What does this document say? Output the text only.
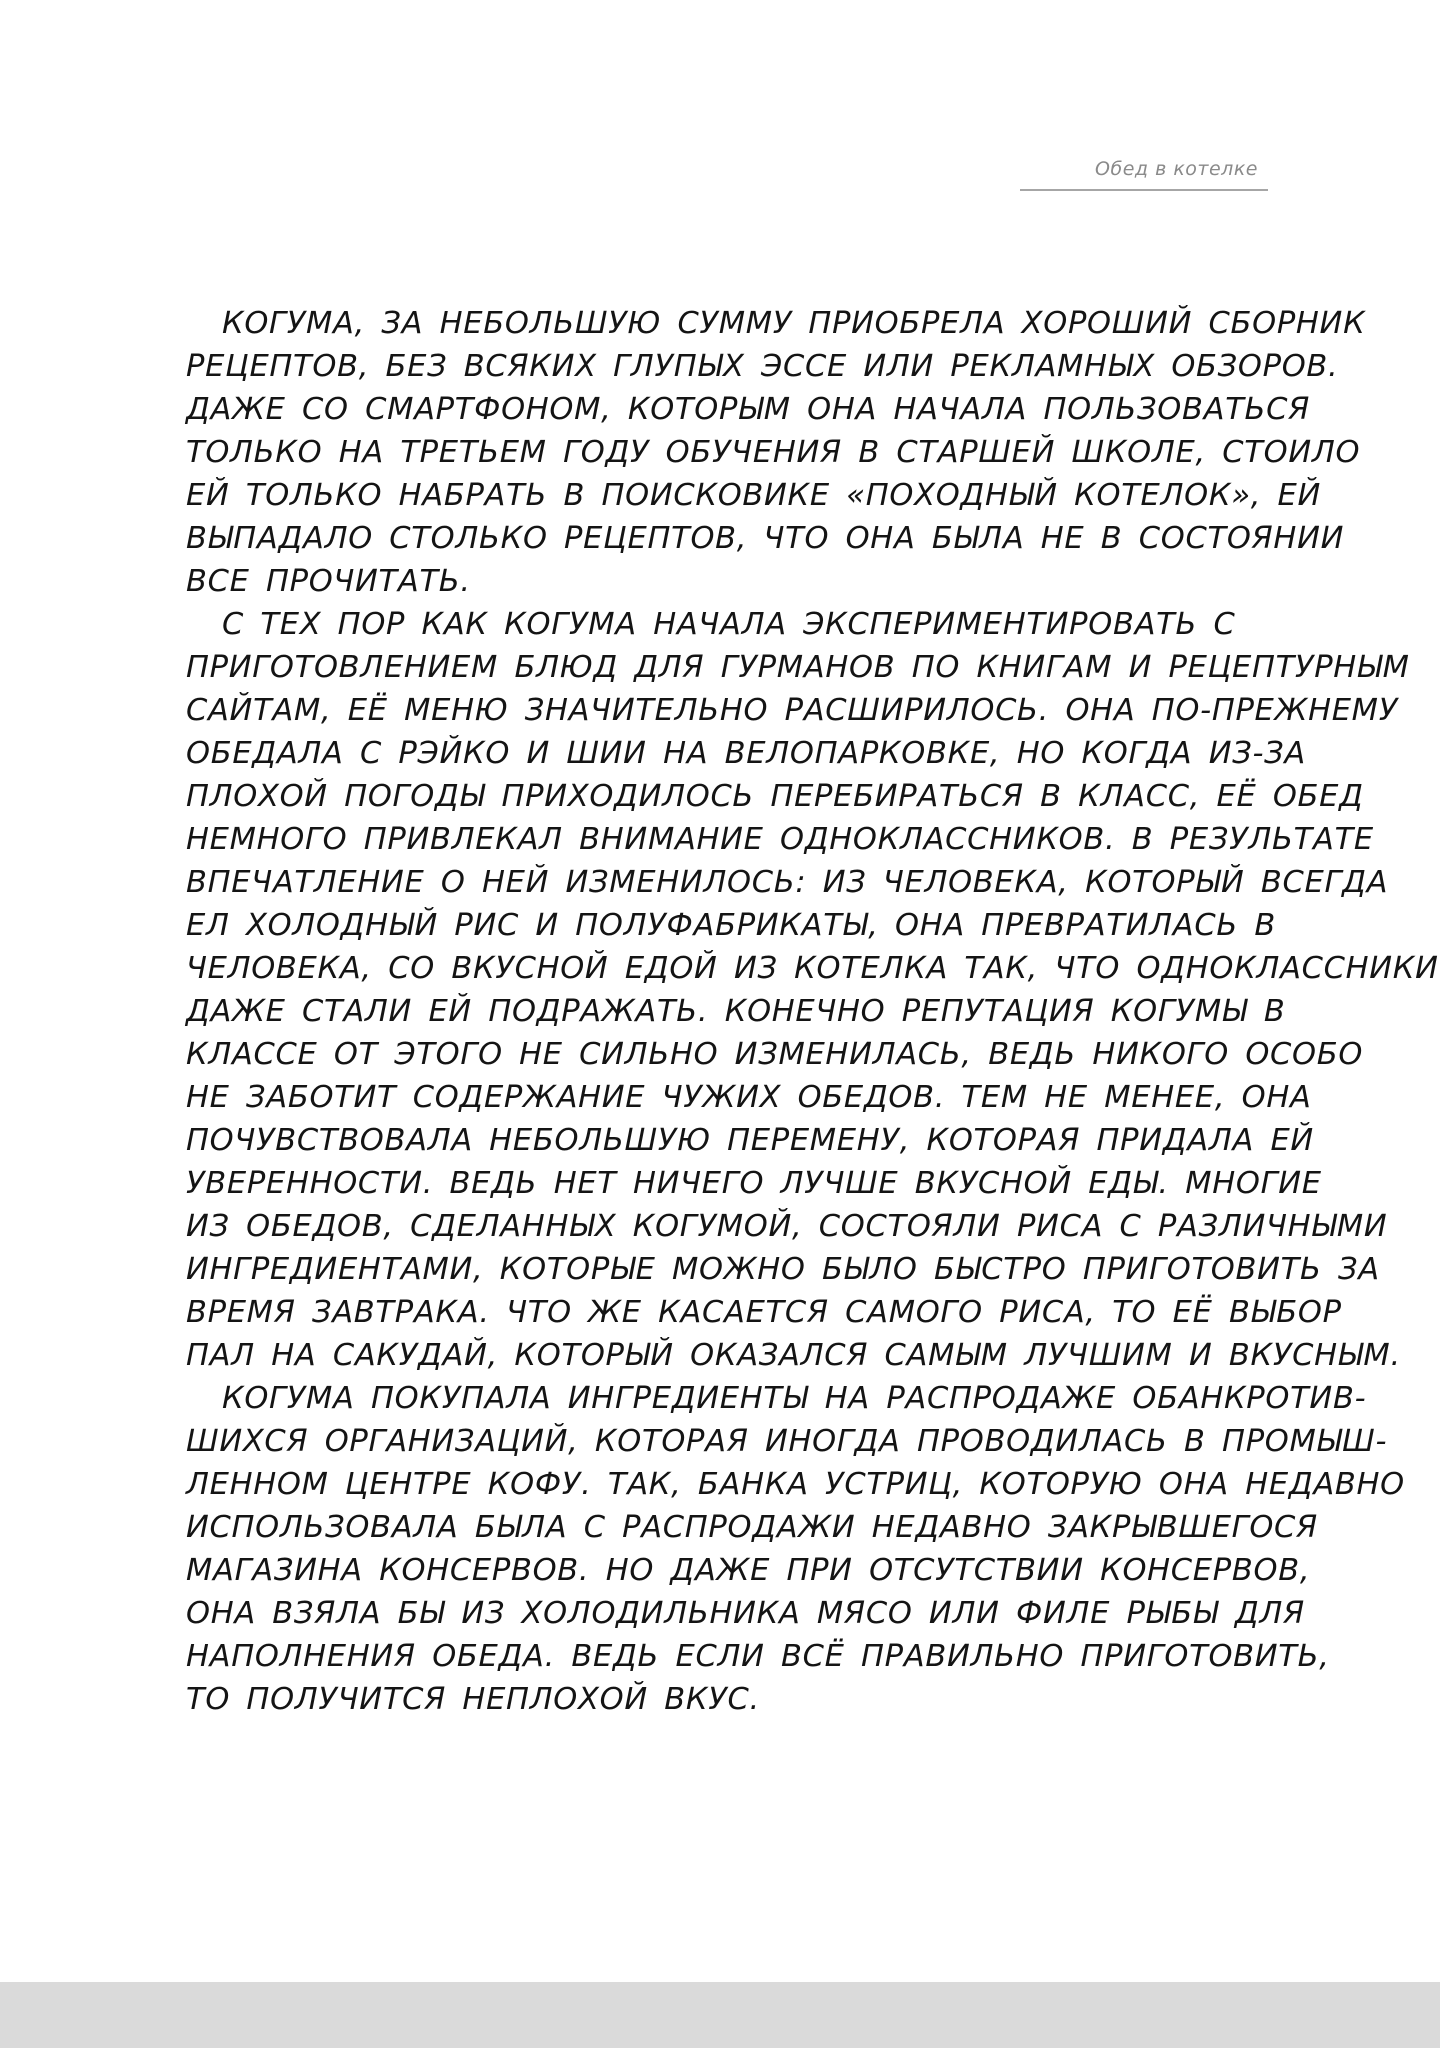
Обед в котелке
КОГУМА, ЗА НЕБОЛЬШУЮ СУММУ ПРИОБРЕЛА ХОРОШИЙ СБОРНИК
РЕЦЕПТОВ, БЕЗ ВСЯКИХ ГЛУПЫХ ЭССЕ ИЛИ РЕКЛАМНЫХ ОБЗОРОВ.
ДАЖЕ СО СМАРТФОНОМ, КОТОРЫМ ОНА НАЧАЛА ПОЛЬЗОВАТЬСЯ
ТОЛЬКО НА ТРЕТЬЕМ ГОДУ ОБУЧЕНИЯ В СТАРШЕЙ ШКОЛЕ, СТОИЛО
ЕЙ ТОЛЬКО НАБРАТЬ В ПОИСКОВИКЕ «ПОХОДНЫЙ КОТЕЛОК», ЕЙ
ВЫПАДАЛО СТОЛЬКО РЕЦЕПТОВ, ЧТО ОНА БЫЛА НЕ В СОСТОЯНИИ
ВСЕ ПРОЧИТАТЬ.
С ТЕХ ПОР КАК КОГУМА НАЧАЛА ЭКСПЕРИМЕНТИРОВАТЬ С
ПРИГОТОВЛЕНИЕМ БЛЮД ДЛЯ ГУРМАНОВ ПО КНИГАМ И РЕЦЕПТУРНЫМ
САЙТАМ, ЕЁ МЕНЮ ЗНАЧИТЕЛЬНО РАСШИРИЛОСЬ. ОНА ПО-ПРЕЖНЕМУ
ОБЕДАЛА С РЭЙКО И ШИИ НА ВЕЛОПАРКОВКЕ, НО КОГДА ИЗ-ЗА
ПЛОХОЙ ПОГОДЫ ПРИХОДИЛОСЬ ПЕРЕБИРАТЬСЯ В КЛАСС, ЕЁ ОБЕД
НЕМНОГО ПРИВЛЕКАЛ ВНИМАНИЕ ОДНОКЛАССНИКОВ. В РЕЗУЛЬТАТЕ
ВПЕЧАТЛЕНИЕ О НЕЙ ИЗМЕНИЛОСЬ: ИЗ ЧЕЛОВЕКА, КОТОРЫЙ ВСЕГДА
ЕЛ ХОЛОДНЫЙ РИС И ПОЛУФАБРИКАТЫ, ОНА ПРЕВРАТИЛАСЬ В
ЧЕЛОВЕКА, СО ВКУСНОЙ ЕДОЙ ИЗ КОТЕЛКА ТАК, ЧТО ОДНОКЛАССНИКИ
ДАЖЕ СТАЛИ ЕЙ ПОДРАЖАТЬ. КОНЕЧНО РЕПУТАЦИЯ КОГУМЫ В
КЛАССЕ ОТ ЭТОГО НЕ СИЛЬНО ИЗМЕНИЛАСЬ, ВЕДЬ НИКОГО ОСОБО
НЕ ЗАБОТИТ СОДЕРЖАНИЕ ЧУЖИХ ОБЕДОВ. ТЕМ НЕ МЕНЕЕ, ОНА
ПОЧУВСТВОВАЛА НЕБОЛЬШУЮ ПЕРЕМЕНУ, КОТОРАЯ ПРИДАЛА ЕЙ
УВЕРЕННОСТИ. ВЕДЬ НЕТ НИЧЕГО ЛУЧШЕ ВКУСНОЙ ЕДЫ. МНОГИЕ
ИЗ ОБЕДОВ, СДЕЛАННЫХ КОГУМОЙ, СОСТОЯЛИ РИСА С РАЗЛИЧНЫМИ
ИНГРЕДИЕНТАМИ, КОТОРЫЕ МОЖНО БЫЛО БЫСТРО ПРИГОТОВИТЬ ЗА
ВРЕМЯ ЗАВТРАКА. ЧТО ЖЕ КАСАЕТСЯ САМОГО РИСА, ТО ЕЁ ВЫБОР
ПАЛ НА САКУДАЙ, КОТОРЫЙ ОКАЗАЛСЯ САМЫМ ЛУЧШИМ И ВКУСНЫМ.
КОГУМА ПОКУПАЛА ИНГРЕДИЕНТЫ НА РАСПРОДАЖЕ ОБАНКРОТИВ-
ШИХСЯ ОРГАНИЗАЦИЙ, КОТОРАЯ ИНОГДА ПРОВОДИЛАСЬ В ПРОМЫШ-
ЛЕННОМ ЦЕНТРЕ КОФУ. ТАК, БАНКА УСТРИЦ, КОТОРУЮ ОНА НЕДАВНО
ИСПОЛЬЗОВАЛА БЫЛА С РАСПРОДАЖИ НЕДАВНО ЗАКРЫВШЕГОСЯ
МАГАЗИНА КОНСЕРВОВ. НО ДАЖЕ ПРИ ОТСУТСТВИИ КОНСЕРВОВ,
ОНА ВЗЯЛА БЫ ИЗ ХОЛОДИЛЬНИКА МЯСО ИЛИ ФИЛЕ РЫБЫ ДЛЯ
НАПОЛНЕНИЯ ОБЕДА. ВЕДЬ ЕСЛИ ВСЁ ПРАВИЛЬНО ПРИГОТОВИТЬ,
ТО ПОЛУЧИТСЯ НЕПЛОХОЙ ВКУС.
